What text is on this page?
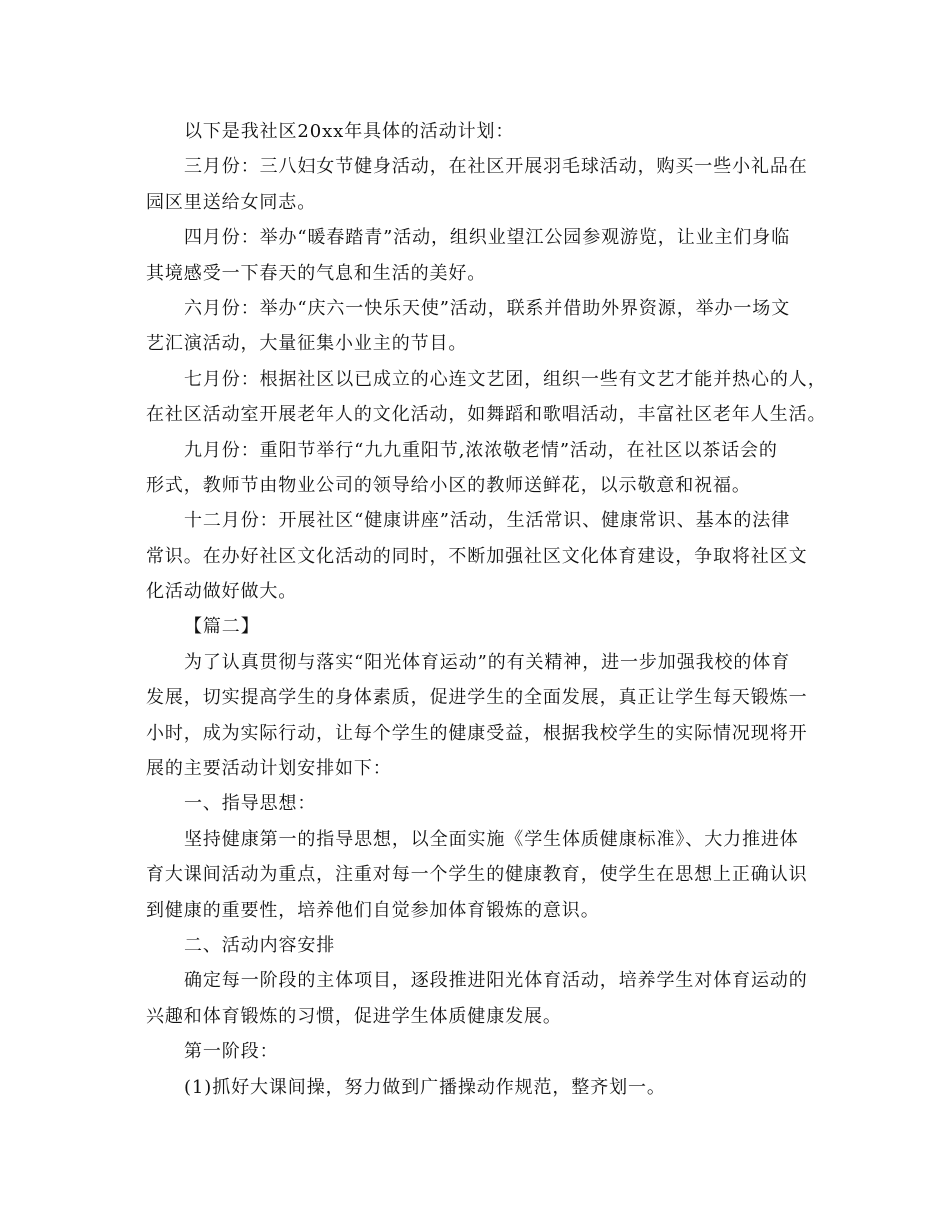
以下是我社区20xx年具体的活动计划：
三月份：三八妇女节健身活动，在社区开展羽毛球活动，购买一些小礼品在
园区里送给女同志。
四月份：举办“暖春踏青”活动，组织业望江公园参观游览，让业主们身临
其境感受一下春天的气息和生活的美好。
六月份：举办“庆六一快乐天使”活动，联系并借助外界资源，举办一场文
艺汇演活动，大量征集小业主的节目。
七月份：根据社区以已成立的心连文艺团，组织一些有文艺才能并热心的人，
在社区活动室开展老年人的文化活动，如舞蹈和歌唱活动，丰富社区老年人生活。
九月份：重阳节举行“九九重阳节,浓浓敬老情”活动，在社区以茶话会的
形式，教师节由物业公司的领导给小区的教师送鲜花，以示敬意和祝福。
十二月份：开展社区“健康讲座”活动，生活常识、健康常识、基本的法律
常识。在办好社区文化活动的同时，不断加强社区文化体育建设，争取将社区文
化活动做好做大。
【篇二】
为了认真贯彻与落实“阳光体育运动”的有关精神，进一步加强我校的体育
发展，切实提高学生的身体素质，促进学生的全面发展，真正让学生每天锻炼一
小时，成为实际行动，让每个学生的健康受益，根据我校学生的实际情况现将开
展的主要活动计划安排如下：
一、指导思想：
坚持健康第一的指导思想，以全面实施《学生体质健康标准》、大力推进体
育大课间活动为重点，注重对每一个学生的健康教育，使学生在思想上正确认识
到健康的重要性，培养他们自觉参加体育锻炼的意识。
二、活动内容安排
确定每一阶段的主体项目，逐段推进阳光体育活动，培养学生对体育运动的
兴趣和体育锻炼的习惯，促进学生体质健康发展。
第一阶段：
(1)抓好大课间操，努力做到广播操动作规范，整齐划一。
